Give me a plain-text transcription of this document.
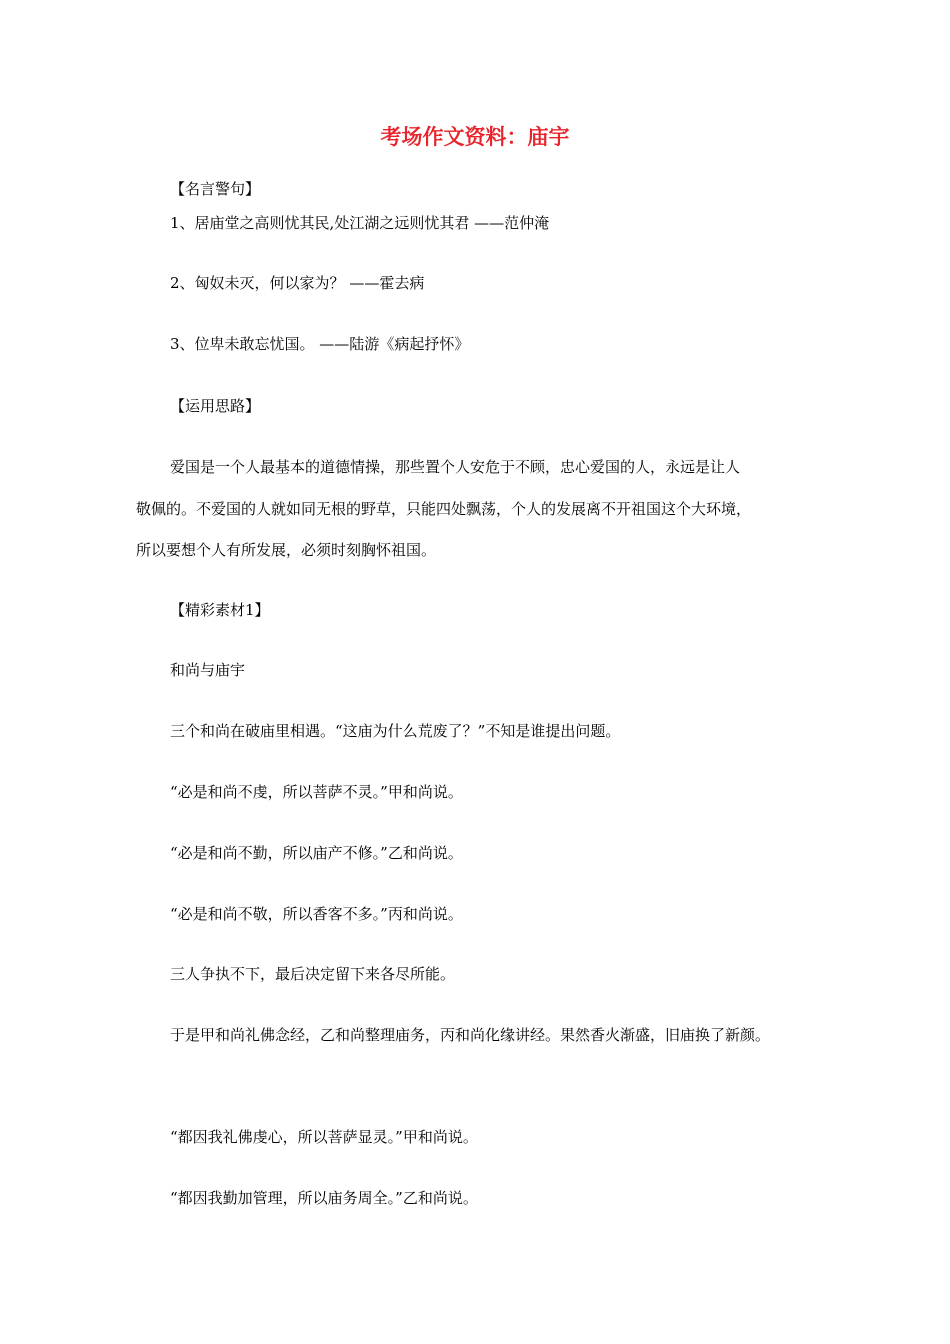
考场作文资料：庙宇

【名言警句】

1、居庙堂之高则忧其民,处江湖之远则忧其君 ——范仲淹

2、匈奴未灭，何以家为？ ——霍去病

3、位卑未敢忘忧国。 ——陆游《病起抒怀》

【运用思路】

爱国是一个人最基本的道德情操，那些置个人安危于不顾，忠心爱国的人，永远是让人

敬佩的。不爱国的人就如同无根的野草，只能四处飘荡，个人的发展离不开祖国这个大环境，

所以要想个人有所发展，必须时刻胸怀祖国。

【精彩素材1】

和尚与庙宇

三个和尚在破庙里相遇。“这庙为什么荒废了？”不知是谁提出问题。

“必是和尚不虔，所以菩萨不灵。”甲和尚说。

“必是和尚不勤，所以庙产不修。”乙和尚说。

“必是和尚不敬，所以香客不多。”丙和尚说。

三人争执不下，最后决定留下来各尽所能。

于是甲和尚礼佛念经，乙和尚整理庙务，丙和尚化缘讲经。果然香火渐盛，旧庙换了新颜。

“都因我礼佛虔心，所以菩萨显灵。”甲和尚说。

“都因我勤加管理，所以庙务周全。”乙和尚说。
